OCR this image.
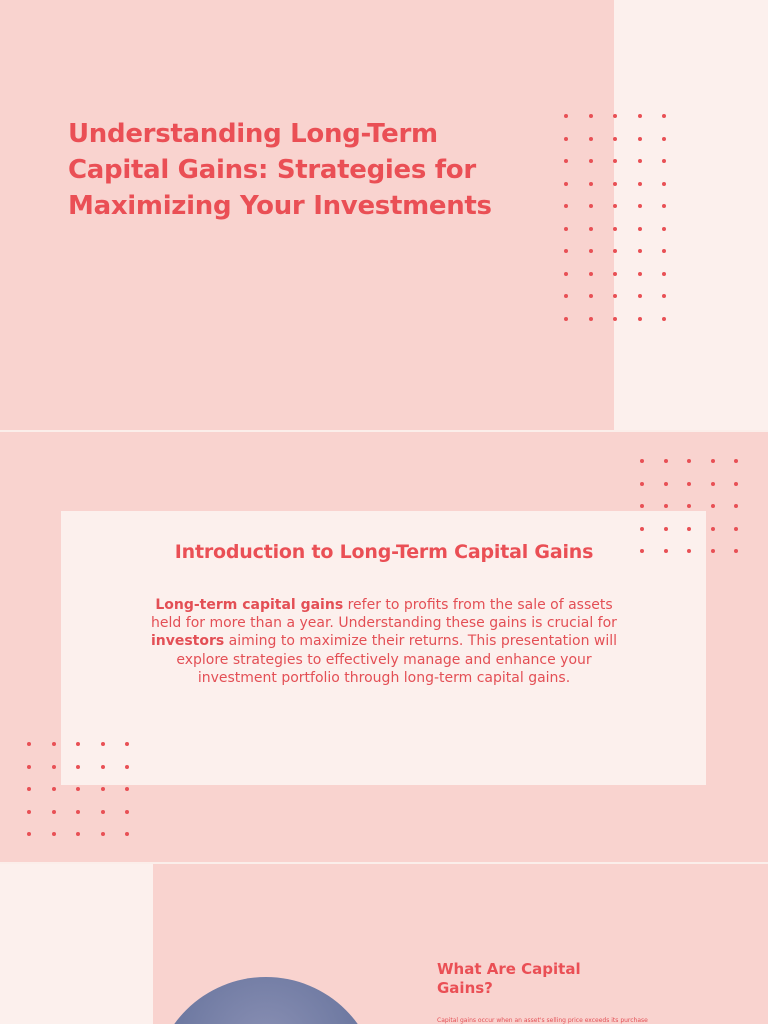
Understanding Long-Term Capital Gains: Strategies for Maximizing Your Investments
Introduction to Long-Term Capital Gains

Long-term capital gains refer to profits from the sale of assets held for more than a year. Understanding these gains is crucial for investors aiming to maximize their returns. This presentation will explore strategies to effectively manage and enhance your investment portfolio through long-term capital gains.

What Are Capital Gains?

Capital gains occur when an asset's selling price exceeds its purchase
